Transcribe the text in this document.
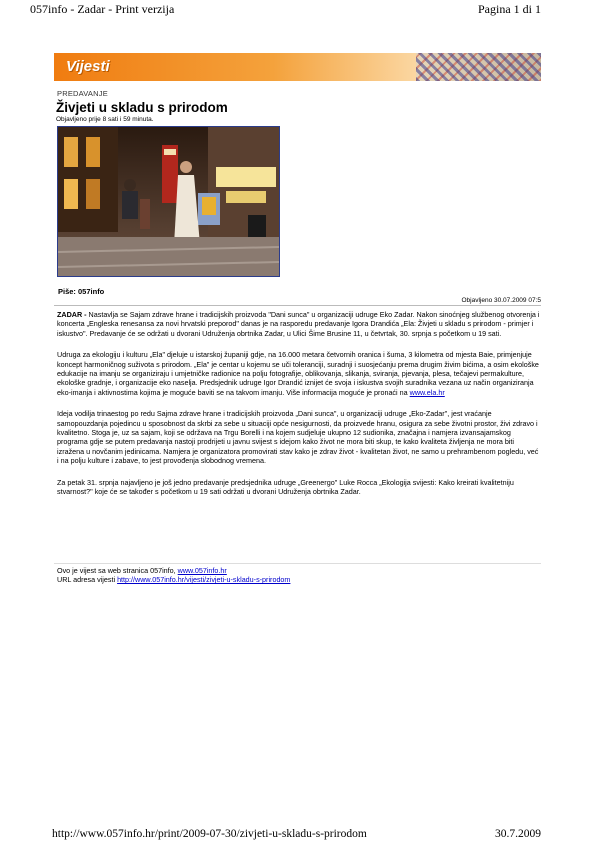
057info - Zadar - Print verzija	Pagina 1 di 1
Vijesti
PREDAVANJE
Živjeti u skladu s prirodom
Objavljeno prije 8 sati i 59 minuta.
Piše: 057info
Objavljeno 30.07.2009 07:5

ZADAR - Nastavlja se Sajam zdrave hrane i tradicijskih proizvoda "Dani sunca" u organizaciji udruge Eko Zadar. Nakon sinoćnjeg službenog otvorenja i koncerta „Engleska renesansa za novi hrvatski preporod" danas je na rasporedu predavanje Igora Drandića „Ela: Živjeti u skladu s prirodom - primjer i iskustvo". Predavanje će se održati u dvorani Udruženja obrtnika Zadar, u Ulici Šime Brusine 11, u četvrtak, 30. srpnja s početkom u 19 sati.

Udruga za ekologiju i kulturu „Ela" djeluje u istarskoj županiji gdje, na 16.000 metara četvornih oranica i šuma, 3 kilometra od mjesta Baie, primjenjuje koncept harmoničnog suživota s prirodom. „Ela" je centar u kojemu se uči toleranciji, suradnji i suosjećanju prema drugim živim bićima, a osim ekološke edukacije na imanju se organiziraju i umjetničke radionice na polju fotografije, oblikovanja, slikanja, sviranja, pjevanja, plesa, tečajevi permakulture, ekološke gradnje, i organizacije eko naselja. Predsjednik udruge Igor Drandić iznijet će svoja i iskustva svojih suradnika vezana uz način organiziranja eko-imanja i aktivnostima kojima je moguće baviti se na takvom imanju. Više informacija moguće je pronaći na www.ela.hr

Ideja vodilja trinaestog po redu Sajma zdrave hrane i tradicijskih proizvoda „Dani sunca", u organizaciji udruge „Eko-Zadar", jest vraćanje samopouzdanja pojedincu u sposobnost da skrbi za sebe u situaciji opće nesigurnosti, da proizvede hranu, osigura za sebe životni prostor, živi zdravo i kvalitetno. Stoga je, uz sa sajam, koji se održava na Trgu Borelli i na kojem sudjeluje ukupno 12 sudionika, značajna i namjera izvansajamskog programa gdje se putem predavanja nastoji prodrijeti u javnu svijest s idejom kako život ne mora biti skup, te kako kvaliteta življenja ne mora biti izražena u novčanim jedinicama. Namjera je organizatora promovirati stav kako je zdrav život - kvalitetan život, ne samo u prehrambenom pogledu, već i na polju kulture i zabave, to jest provođenja slobodnog vremena.

Za petak 31. srpnja najavljeno je još jedno predavanje predsjednika udruge „Greenergo" Luke Rocca „Ekologija svijesti: Kako kreirati kvalitetniju stvarnost?" koje će se također s početkom u 19 sati održati u dvorani Udruženja obrtnika Zadar.

Ovo je vijest sa web stranica 057info, www.057info.hr
URL adresa vijesti http://www.057info.hr/vijesti/zivjeti-u-skladu-s-prirodom
http://www.057info.hr/print/2009-07-30/zivjeti-u-skladu-s-prirodom	30.7.2009
